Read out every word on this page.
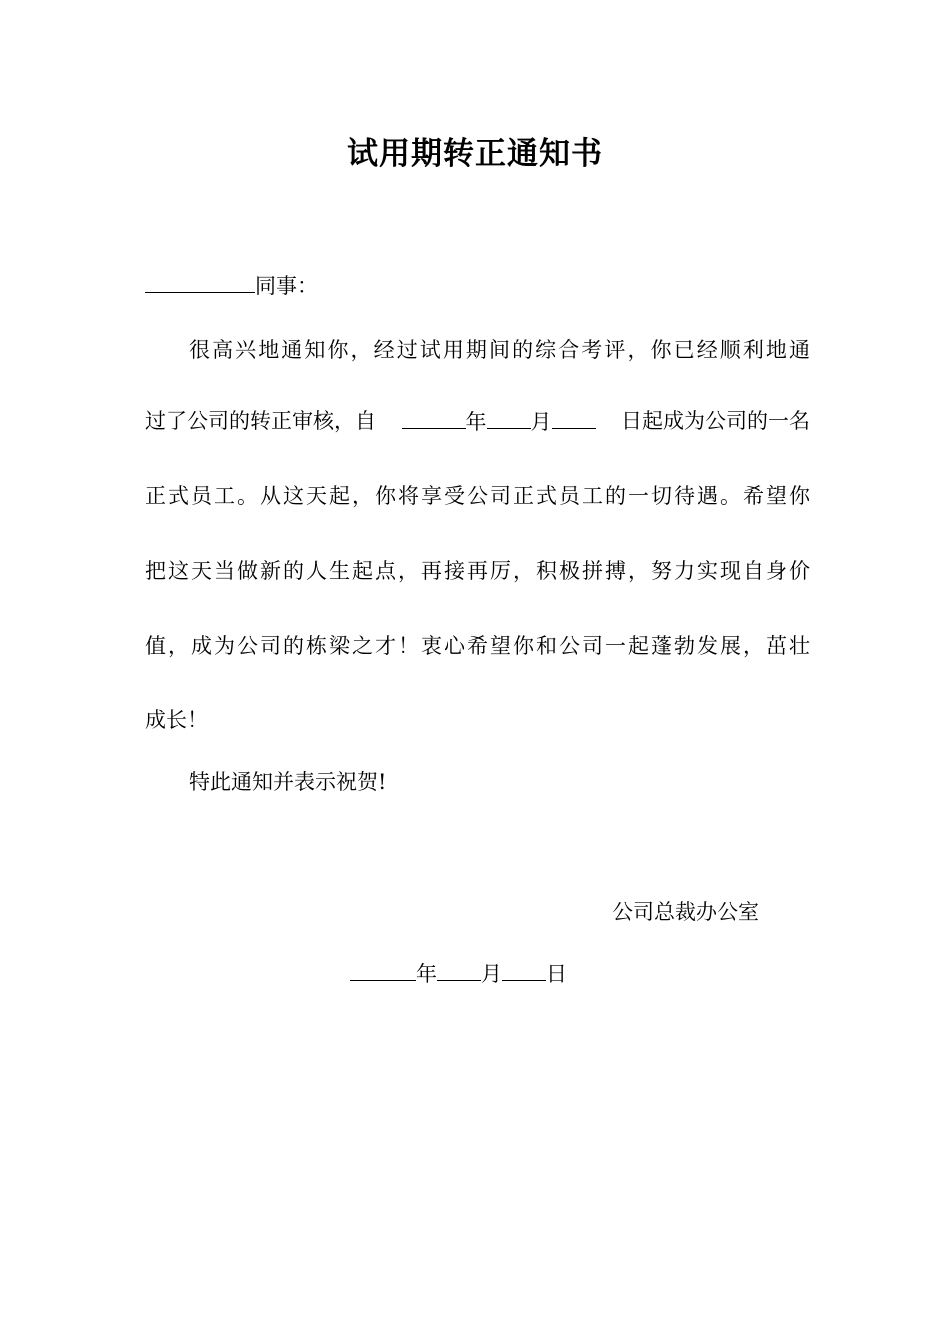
试用期转正通知书
同事：
很高兴地通知你，经过试用期间的综合考评，你已经顺利地通
过了公司的转正审核，自	年 月	日起成为公司的一名
正式员工。从这天起，你将享受公司正式员工的一切待遇。希望你
把这天当做新的人生起点，再接再厉，积极拼搏，努力实现自身价
值，成为公司的栋梁之才！衷心希望你和公司一起蓬勃发展，茁壮
成长！
特此通知并表示祝贺!
公司总裁办公室
年 月 日
